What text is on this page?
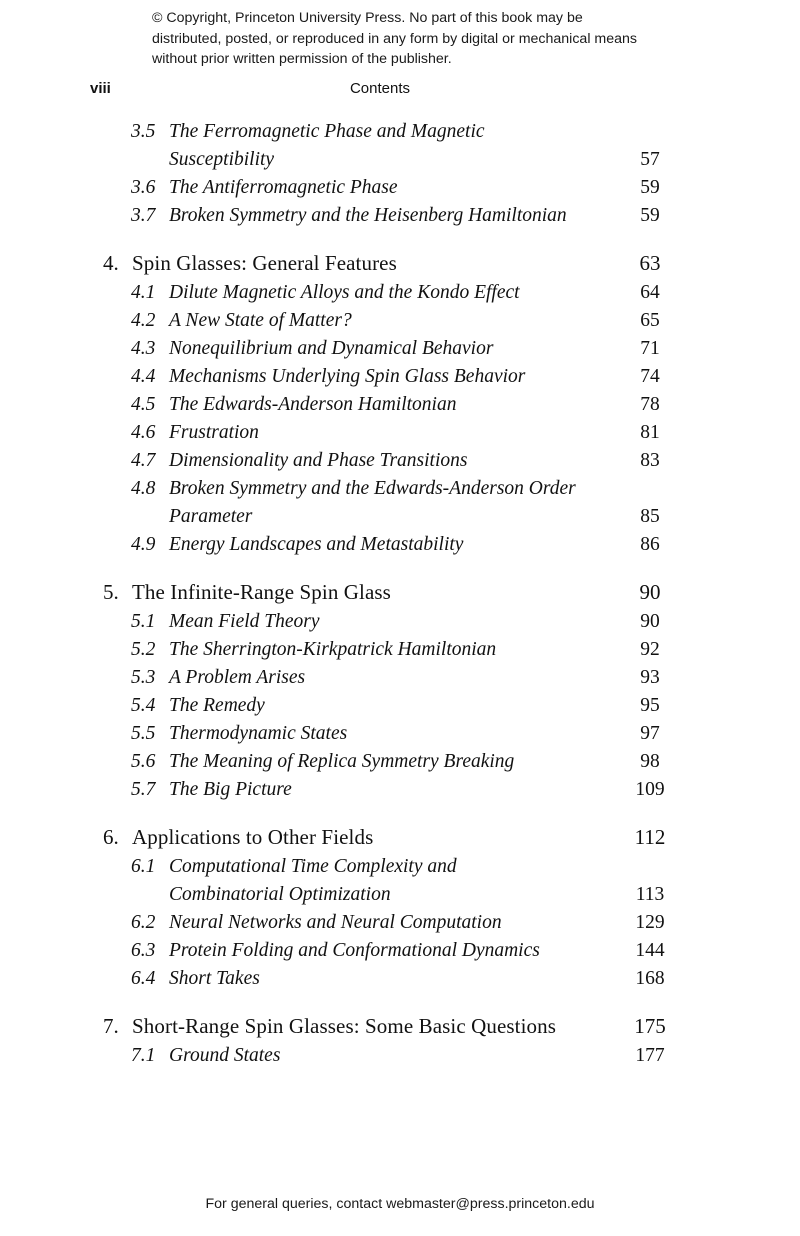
© Copyright, Princeton University Press. No part of this book may be distributed, posted, or reproduced in any form by digital or mechanical means without prior written permission of the publisher.
viii	Contents
3.5 The Ferromagnetic Phase and Magnetic
Susceptibility	57
3.6 The Antiferromagnetic Phase	59
3.7 Broken Symmetry and the Heisenberg Hamiltonian	59
4. Spin Glasses: General Features	63
4.1 Dilute Magnetic Alloys and the Kondo Effect	64
4.2 A New State of Matter?	65
4.3 Nonequilibrium and Dynamical Behavior	71
4.4 Mechanisms Underlying Spin Glass Behavior	74
4.5 The Edwards-Anderson Hamiltonian	78
4.6 Frustration	81
4.7 Dimensionality and Phase Transitions	83
4.8 Broken Symmetry and the Edwards-Anderson Order
Parameter	85
4.9 Energy Landscapes and Metastability	86
5. The Infinite-Range Spin Glass	90
5.1 Mean Field Theory	90
5.2 The Sherrington-Kirkpatrick Hamiltonian	92
5.3 A Problem Arises	93
5.4 The Remedy	95
5.5 Thermodynamic States	97
5.6 The Meaning of Replica Symmetry Breaking	98
5.7 The Big Picture	109
6. Applications to Other Fields	112
6.1 Computational Time Complexity and
Combinatorial Optimization	113
6.2 Neural Networks and Neural Computation	129
6.3 Protein Folding and Conformational Dynamics	144
6.4 Short Takes	168
7. Short-Range Spin Glasses: Some Basic Questions	175
7.1 Ground States	177
For general queries, contact webmaster@press.princeton.edu
